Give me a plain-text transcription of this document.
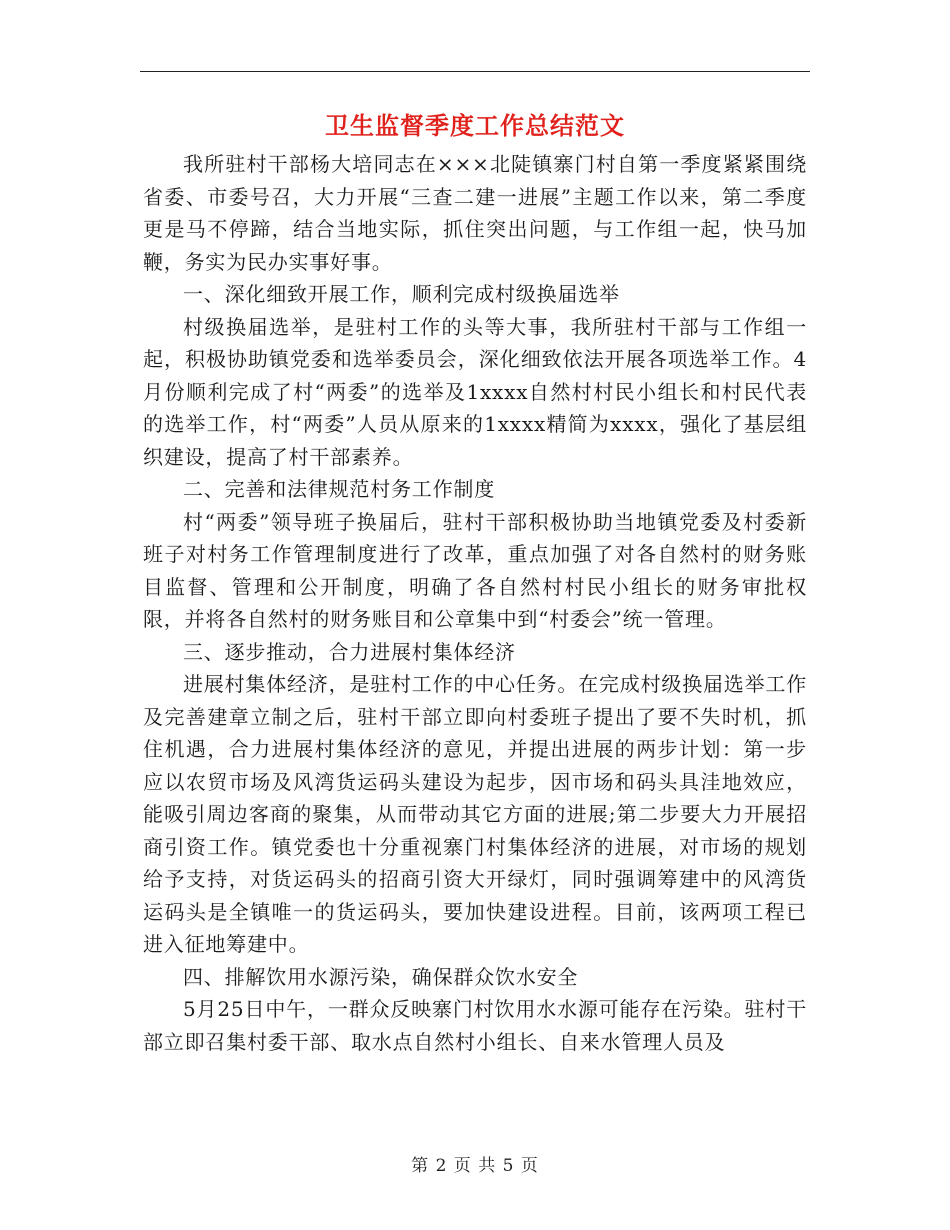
卫生监督季度工作总结范文

我所驻村干部杨大培同志在×××北陡镇寨门村自第一季度紧紧围绕省委、市委号召，大力开展“三查二建一进展”主题工作以来，第二季度更是马不停蹄，结合当地实际，抓住突出问题，与工作组一起，快马加鞭，务实为民办实事好事。

一、深化细致开展工作，顺利完成村级换届选举

村级换届选举，是驻村工作的头等大事，我所驻村干部与工作组一起，积极协助镇党委和选举委员会，深化细致依法开展各项选举工作。4月份顺利完成了村“两委”的选举及1xxxx自然村村民小组长和村民代表的选举工作，村“两委”人员从原来的1xxxx精简为xxxx，强化了基层组织建设，提高了村干部素养。

二、完善和法律规范村务工作制度

村“两委”领导班子换届后，驻村干部积极协助当地镇党委及村委新班子对村务工作管理制度进行了改革，重点加强了对各自然村的财务账目监督、管理和公开制度，明确了各自然村村民小组长的财务审批权限，并将各自然村的财务账目和公章集中到“村委会”统一管理。

三、逐步推动，合力进展村集体经济

进展村集体经济，是驻村工作的中心任务。在完成村级换届选举工作及完善建章立制之后，驻村干部立即向村委班子提出了要不失时机，抓住机遇，合力进展村集体经济的意见，并提出进展的两步计划：第一步应以农贸市场及风湾货运码头建设为起步，因市场和码头具洼地效应，能吸引周边客商的聚集，从而带动其它方面的进展;第二步要大力开展招商引资工作。镇党委也十分重视寨门村集体经济的进展，对市场的规划给予支持，对货运码头的招商引资大开绿灯，同时强调筹建中的风湾货运码头是全镇唯一的货运码头，要加快建设进程。目前，该两项工程已进入征地筹建中。

四、排解饮用水源污染，确保群众饮水安全

5月25日中午，一群众反映寨门村饮用水水源可能存在污染。驻村干部立即召集村委干部、取水点自然村小组长、自来水管理人员及

第 2 页 共 5 页
